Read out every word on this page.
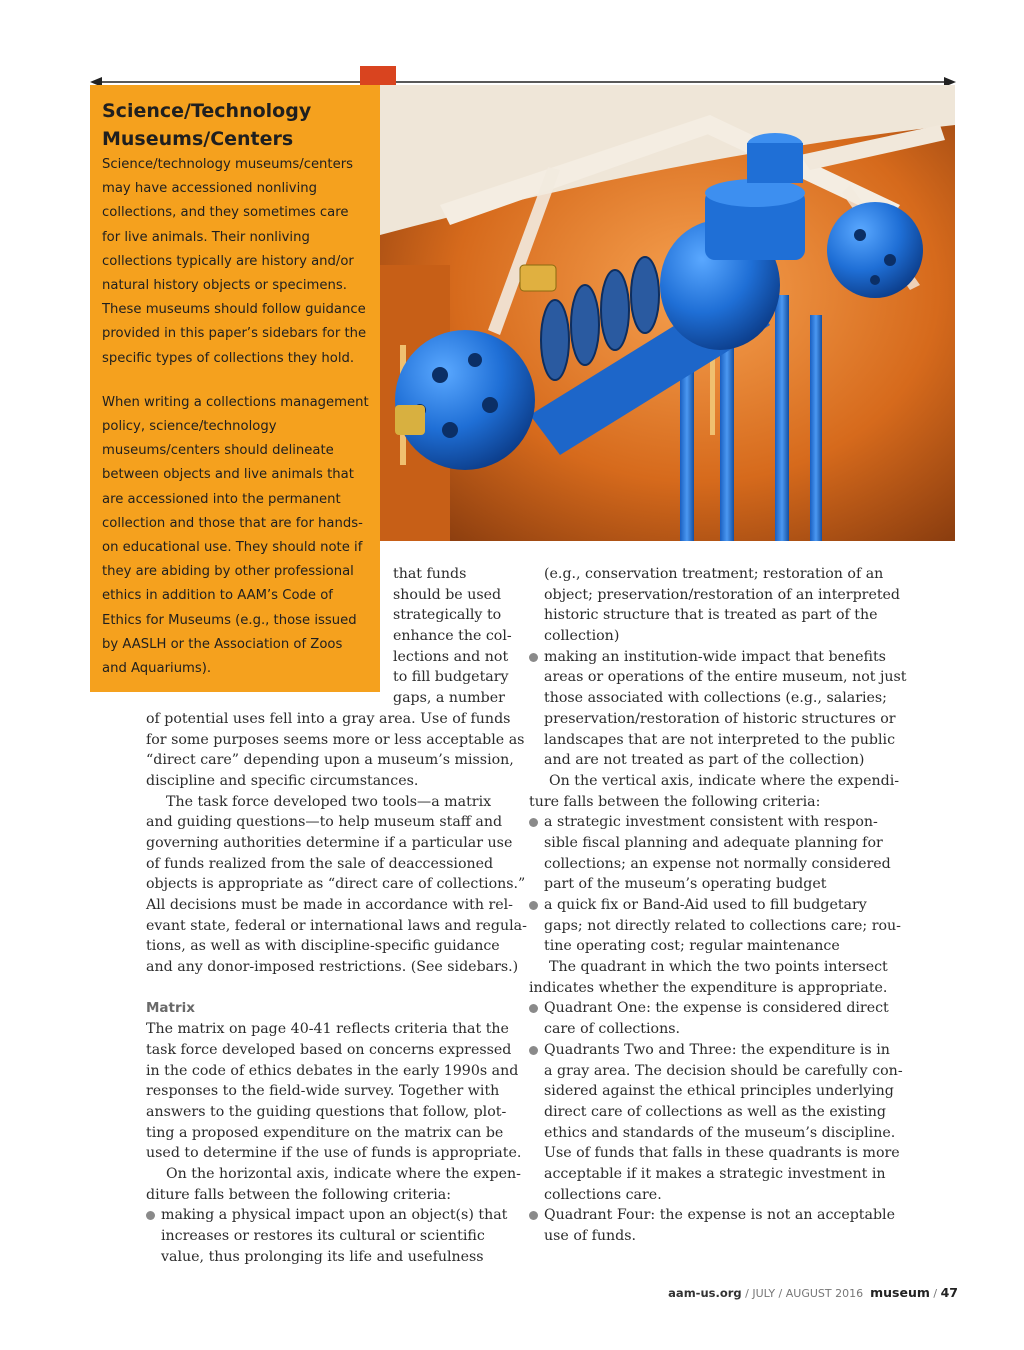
Science/Technology
Museums/Centers

Science/technology museums/centers may have accessioned nonliving collections, and they sometimes care for live animals. Their nonliving collections typically are history and/or natural history objects or specimens. These museums should follow guidance provided in this paper’s sidebars for the specific types of collections they hold.

When writing a collections management policy, science/technology museums/centers should delineate between objects and live animals that are accessioned into the permanent collection and those that are for hands-on educational use. They should note if they are abiding by other professional ethics in addition to AAM’s Code of Ethics for Museums (e.g., those issued by AASLH or the Association of Zoos and Aquariums).

that funds
should be used
strategically to
enhance the col-
lections and not
to fill budgetary
gaps, a number
of potential uses fell into a gray area. Use of funds
for some purposes seems more or less acceptable as
“direct care” depending upon a museum’s mission,
discipline and specific circumstances.
The task force developed two tools—a matrix
and guiding questions—to help museum staff and
governing authorities determine if a particular use
of funds realized from the sale of deaccessioned
objects is appropriate as “direct care of collections.”
All decisions must be made in accordance with rel-
evant state, federal or international laws and regula-
tions, as well as with discipline-specific guidance
and any donor-imposed restrictions. (See sidebars.)
Matrix
The matrix on page 40-41 reflects criteria that the
task force developed based on concerns expressed
in the code of ethics debates in the early 1990s and
responses to the field-wide survey. Together with
answers to the guiding questions that follow, plot-
ting a proposed expenditure on the matrix can be
used to determine if the use of funds is appropriate.
On the horizontal axis, indicate where the expen-
diture falls between the following criteria:
making a physical impact upon an object(s) that
increases or restores its cultural or scientific
value, thus prolonging its life and usefulness
(e.g., conservation treatment; restoration of an
object; preservation/restoration of an interpreted
historic structure that is treated as part of the
collection)
making an institution-wide impact that benefits
areas or operations of the entire museum, not just
those associated with collections (e.g., salaries;
preservation/restoration of historic structures or
landscapes that are not interpreted to the public
and are not treated as part of the collection)
On the vertical axis, indicate where the expendi-
ture falls between the following criteria:
a strategic investment consistent with respon-
sible fiscal planning and adequate planning for
collections; an expense not normally considered
part of the museum’s operating budget
a quick fix or Band-Aid used to fill budgetary
gaps; not directly related to collections care; rou-
tine operating cost; regular maintenance
The quadrant in which the two points intersect
indicates whether the expenditure is appropriate.
Quadrant One: the expense is considered direct
care of collections.
Quadrants Two and Three: the expenditure is in
a gray area. The decision should be carefully con-
sidered against the ethical principles underlying
direct care of collections as well as the existing
ethics and standards of the museum’s discipline.
Use of funds that falls in these quadrants is more
acceptable if it makes a strategic investment in
collections care.
Quadrant Four: the expense is not an acceptable
use of funds.
aam-us.org / JULY / AUGUST 2016 museum / 47
